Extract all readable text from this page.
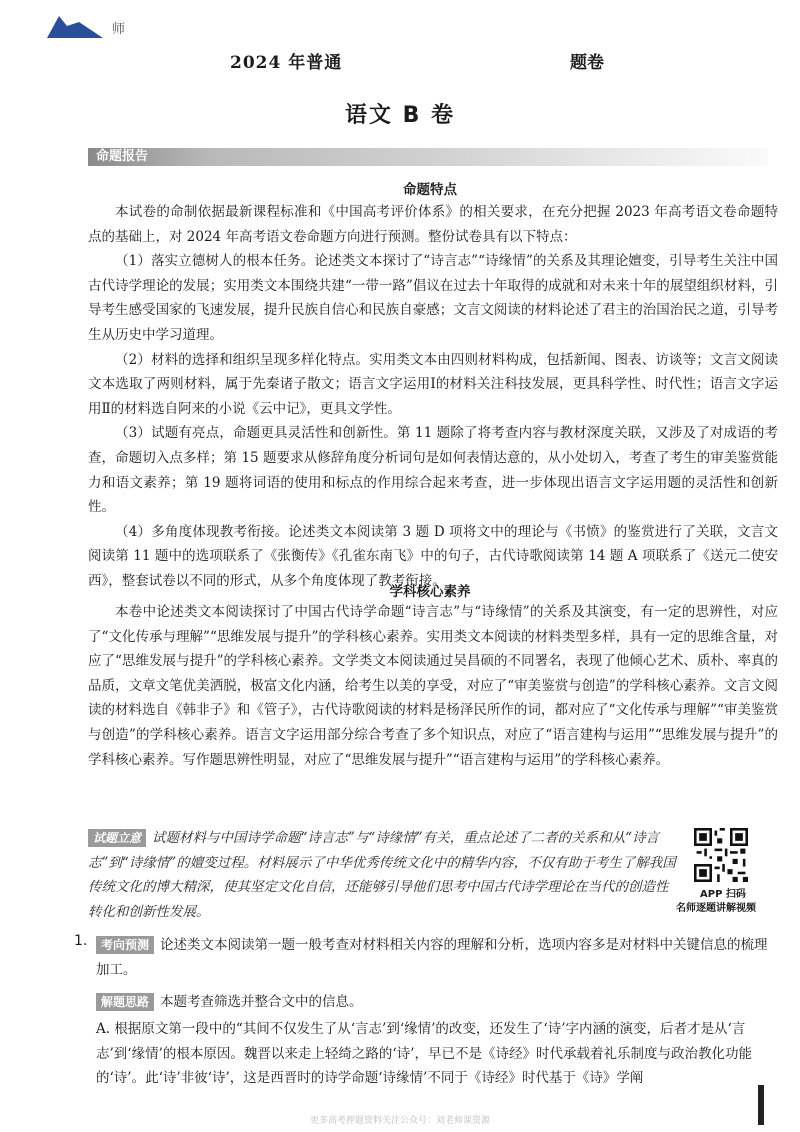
师
2024 年普通	题卷
语文 B 卷
命题报告
命题特点

本试卷的命制依据最新课程标准和《中国高考评价体系》的相关要求，在充分把握 2023 年高考语文卷命题特点的基础上，对 2024 年高考语文卷命题方向进行预测。整份试卷具有以下特点：

（1）落实立德树人的根本任务。论述类文本探讨了“诗言志”“诗缘情”的关系及其理论嬗变，引导考生关注中国古代诗学理论的发展；实用类文本围绕共建“一带一路”倡议在过去十年取得的成就和对未来十年的展望组织材料，引导考生感受国家的飞速发展，提升民族自信心和民族自豪感；文言文阅读的材料论述了君主的治国治民之道，引导考生从历史中学习道理。

（2）材料的选择和组织呈现多样化特点。实用类文本由四则材料构成，包括新闻、图表、访谈等；文言文阅读文本选取了两则材料，属于先秦诸子散文；语言文字运用Ⅰ的材料关注科技发展，更具科学性、时代性；语言文字运用Ⅱ的材料选自阿来的小说《云中记》，更具文学性。

（3）试题有亮点，命题更具灵活性和创新性。第 11 题除了将考查内容与教材深度关联，又涉及了对成语的考查，命题切入点多样；第 15 题要求从修辞角度分析词句是如何表情达意的，从小处切入，考查了考生的审美鉴赏能力和语文素养；第 19 题将词语的使用和标点的作用综合起来考查，进一步体现出语言文字运用题的灵活性和创新性。

（4）多角度体现教考衔接。论述类文本阅读第 3 题 D 项将文中的理论与《书愤》的鉴赏进行了关联，文言文阅读第 11 题中的选项联系了《张衡传》《孔雀东南飞》中的句子，古代诗歌阅读第 14 题 A 项联系了《送元二使安西》，整套试卷以不同的形式，从多个角度体现了教考衔接。

学科核心素养

本卷中论述类文本阅读探讨了中国古代诗学命题“诗言志”与“诗缘情”的关系及其演变，有一定的思辨性，对应了“文化传承与理解”“思维发展与提升”的学科核心素养。实用类文本阅读的材料类型多样，具有一定的思维含量，对应了“思维发展与提升”的学科核心素养。文学类文本阅读通过吴昌硕的不同署名，表现了他倾心艺术、质朴、率真的品质，文章文笔优美洒脱，极富文化内涵，给考生以美的享受，对应了“审美鉴赏与创造”的学科核心素养。文言文阅读的材料选自《韩非子》和《管子》，古代诗歌阅读的材料是杨泽民所作的词，都对应了“文化传承与理解”“审美鉴赏与创造”的学科核心素养。语言文字运用部分综合考查了多个知识点，对应了“语言建构与运用”“思维发展与提升”的学科核心素养。写作题思辨性明显，对应了“思维发展与提升”“语言建构与运用”的学科核心素养。

试题立意 试题材料与中国诗学命题“诗言志”与“诗缘情”有关，重点论述了二者的关系和从“诗言志”到“诗缘情”的嬗变过程。材料展示了中华优秀传统文化中的精华内容，不仅有助于考生了解我国传统文化的博大精深，使其坚定文化自信，还能够引导他们思考中国古代诗学理论在当代的创造性转化和创新性发展。
APP 扫码
名师逐题讲解视频
1.	考向预测 论述类文本阅读第一题一般考查对材料相关内容的理解和分析，选项内容多是对材料中关键信息的梳理加工。
解题思路 本题考查筛选并整合文中的信息。
A. 根据原文第一段中的“其间不仅发生了从‘言志’到‘缘情’的改变，还发生了‘诗’字内涵的演变，后者才是从‘言志’到‘缘情’的根本原因。魏晋以来走上轻绮之路的‘诗’，早已不是《诗经》时代承载着礼乐制度与政治教化功能的‘诗’。此‘诗’非彼‘诗’，这是西晋时的诗学命题‘诗缘情’不同于《诗经》时代基于《诗》学阐
更多高考押题资料关注公众号：刘老师课资源
